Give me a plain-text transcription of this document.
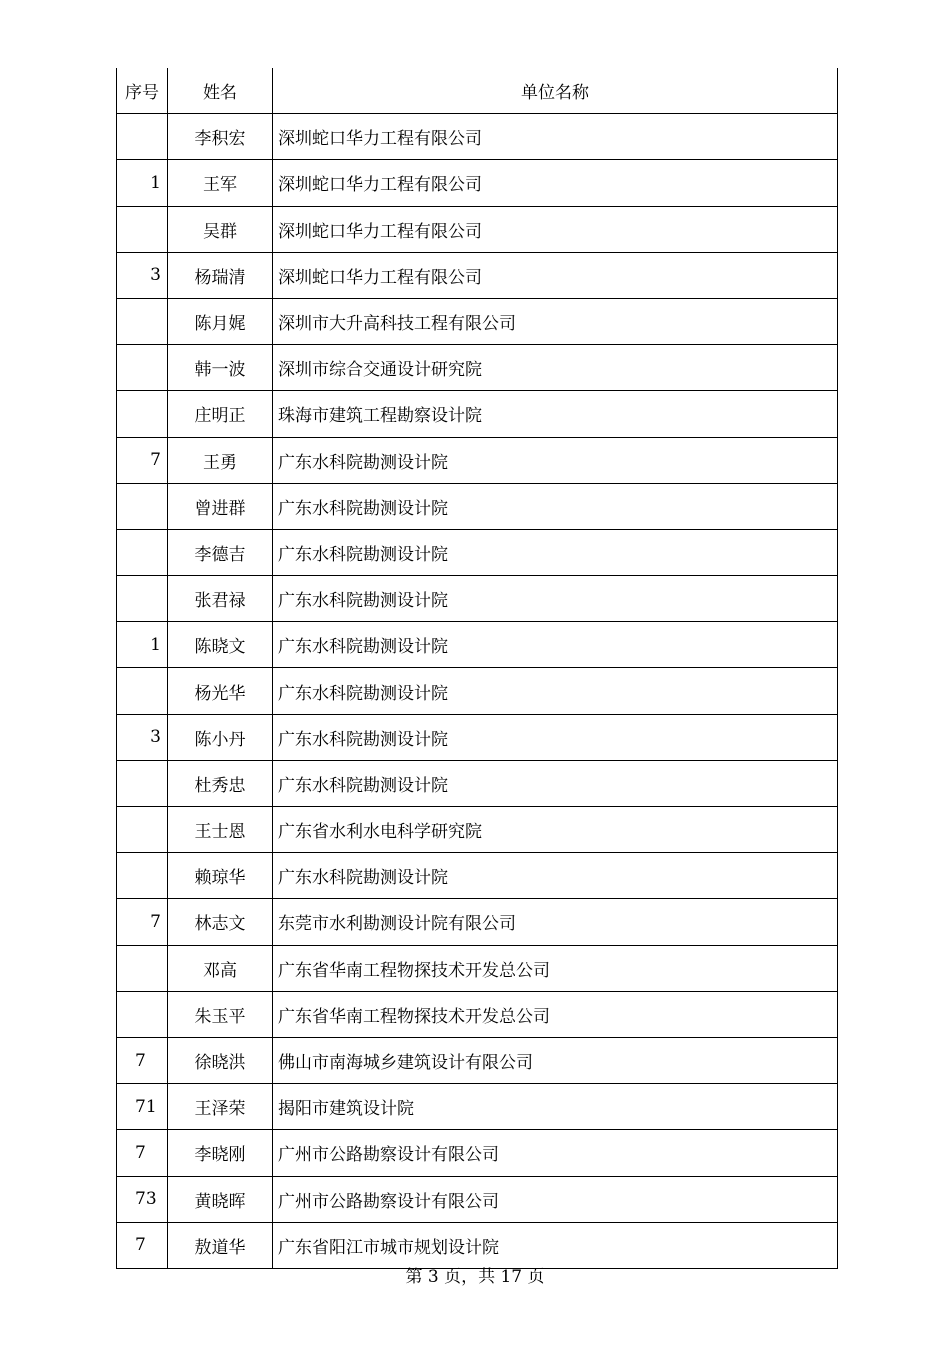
序号	姓名	单位名称
	李积宏	深圳蛇口华力工程有限公司
1	王军	深圳蛇口华力工程有限公司
	吴群	深圳蛇口华力工程有限公司
3	杨瑞清	深圳蛇口华力工程有限公司
	陈月娓	深圳市大升高科技工程有限公司
	韩一波	深圳市综合交通设计研究院
	庄明正	珠海市建筑工程勘察设计院
7	王勇	广东水科院勘测设计院
	曾进群	广东水科院勘测设计院
	李德吉	广东水科院勘测设计院
	张君禄	广东水科院勘测设计院
1	陈晓文	广东水科院勘测设计院
	杨光华	广东水科院勘测设计院
3	陈小丹	广东水科院勘测设计院
	杜秀忠	广东水科院勘测设计院
	王士恩	广东省水利水电科学研究院
	赖琼华	广东水科院勘测设计院
7	林志文	东莞市水利勘测设计院有限公司
	邓高	广东省华南工程物探技术开发总公司
	朱玉平	广东省华南工程物探技术开发总公司
7	徐晓洪	佛山市南海城乡建筑设计有限公司
71	王泽荣	揭阳市建筑设计院
7	李晓刚	广州市公路勘察设计有限公司
73	黄晓晖	广州市公路勘察设计有限公司
7	敖道华	广东省阳江市城市规划设计院
第 3 页，共 17 页
